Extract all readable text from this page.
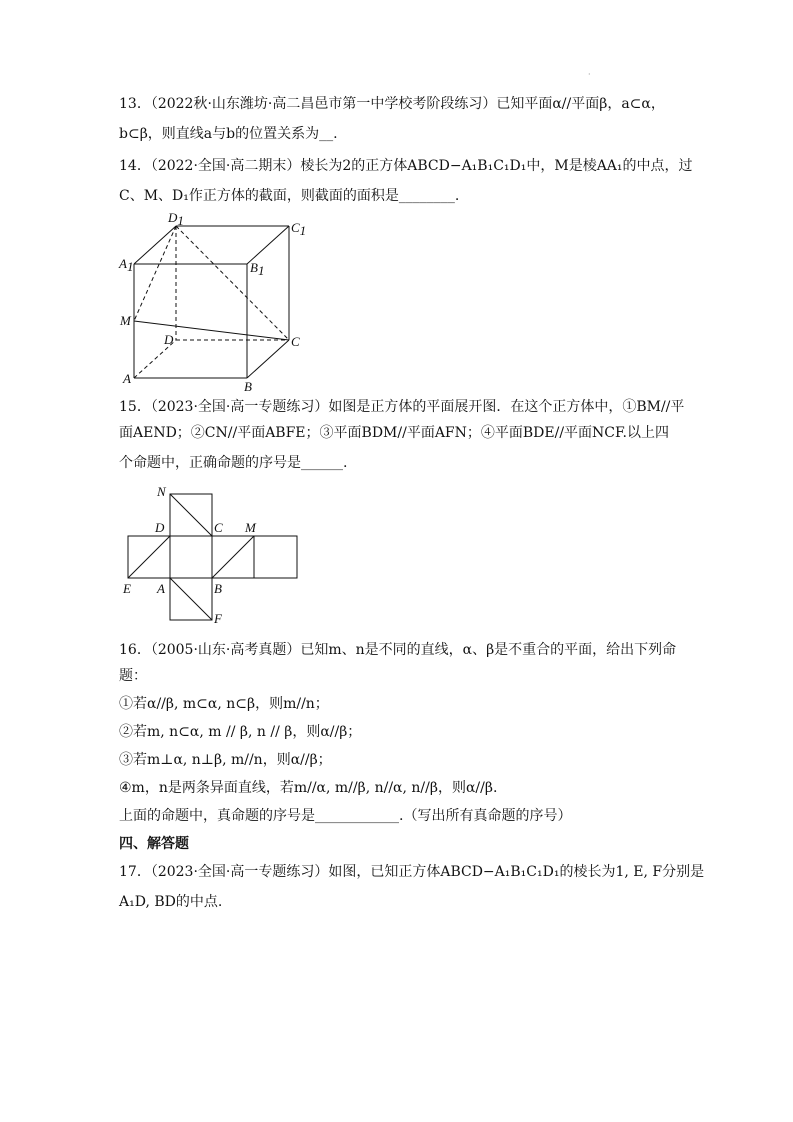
·
13．（2022秋·山东潍坊·高二昌邑市第一中学校考阶段练习）已知平面α//平面β，a⊂α，
b⊂β，则直线a与b的位置关系为__.
14．（2022·全国·高二期末）棱长为2的正方体ABCD−A₁B₁C₁D₁中，M是棱AA₁的中点，过
C、M、D₁作正方体的截面，则截面的面积是________.
D1	C1
A1	B1
M
D	C
A
B
15．（2023·全国·高一专题练习）如图是正方体的平面展开图．在这个正方体中，①BM//平
面AEND；②CN//平面ABFE；③平面BDM//平面AFN；④平面BDE//平面NCF.以上四
个命题中，正确命题的序号是______.
N
D	C M
E A	B
F
16．（2005·山东·高考真题）已知m、n是不同的直线，α、β是不重合的平面，给出下列命
题：
①若α//β, m⊂α, n⊂β，则m//n；
②若m, n⊂α, m // β, n // β，则α//β；
③若m⊥α, n⊥β, m//n，则α//β；
④m，n是两条异面直线，若m//α, m//β, n//α, n//β，则α//β.
上面的命题中，真命题的序号是____________.（写出所有真命题的序号）
四、解答题
17．（2023·全国·高一专题练习）如图，已知正方体ABCD−A₁B₁C₁D₁的棱长为1, E, F分别是
A₁D, BD的中点.
